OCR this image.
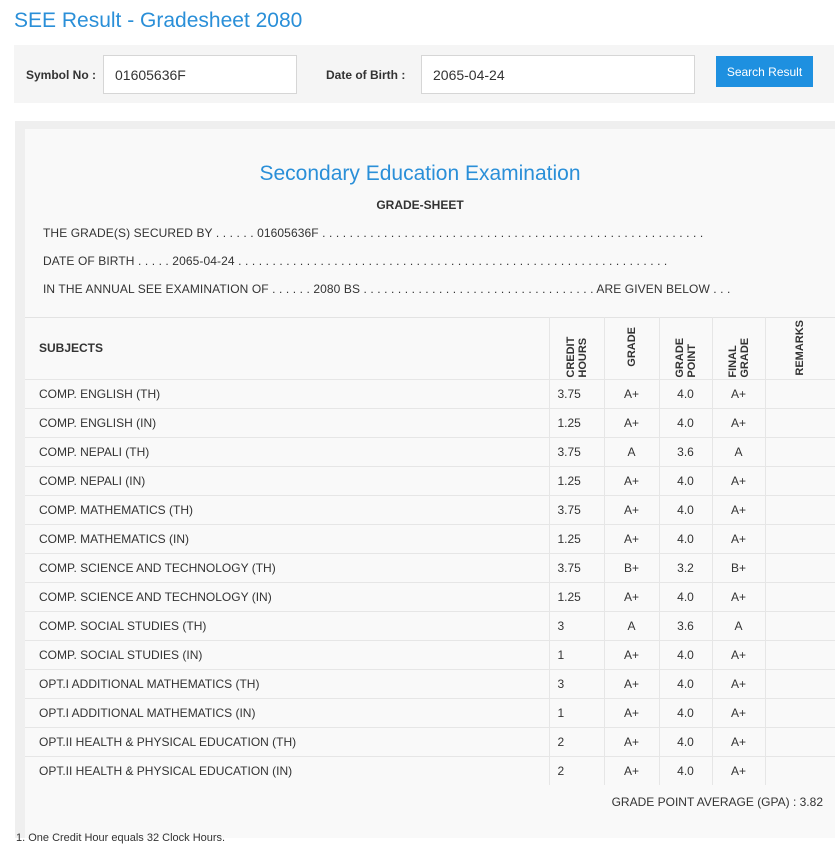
SEE Result - Gradesheet 2080
Symbol No :
01605636F	Date of Birth :
2065-04-24	Search Result
Secondary Education Examination
GRADE-SHEET
THE GRADE(S) SECURED BY . . . . . . 01605636F . . . . . . . . . . . . . . . . . . . . . . . . . . . . . . . . . . . . . . . . . . . . . . . . . . . . . . . .
DATE OF BIRTH . . . . . 2065-04-24 . . . . . . . . . . . . . . . . . . . . . . . . . . . . . . . . . . . . . . . . . . . . . . . . . . . . . . . . . . . . . . .
IN THE ANNUAL SEE EXAMINATION OF . . . . . . 2080 BS . . . . . . . . . . . . . . . . . . . . . . . . . . . . . . . . . . ARE GIVEN BELOW . . .
SUBJECTS	CREDIT HOURS	GRADE	GRADE POINT	FINAL GRADE	REMARKS
COMP. ENGLISH (TH)	3.75	A+	4.0	A+	
COMP. ENGLISH (IN)	1.25	A+	4.0	A+	
COMP. NEPALI (TH)	3.75	A	3.6	A	
COMP. NEPALI (IN)	1.25	A+	4.0	A+	
COMP. MATHEMATICS (TH)	3.75	A+	4.0	A+	
COMP. MATHEMATICS (IN)	1.25	A+	4.0	A+	
COMP. SCIENCE AND TECHNOLOGY (TH)	3.75	B+	3.2	B+	
COMP. SCIENCE AND TECHNOLOGY (IN)	1.25	A+	4.0	A+	
COMP. SOCIAL STUDIES (TH)	3	A	3.6	A	
COMP. SOCIAL STUDIES (IN)	1	A+	4.0	A+	
OPT.I ADDITIONAL MATHEMATICS (TH)	3	A+	4.0	A+	
OPT.I ADDITIONAL MATHEMATICS (IN)	1	A+	4.0	A+	
OPT.II HEALTH & PHYSICAL EDUCATION (TH)	2	A+	4.0	A+	
OPT.II HEALTH & PHYSICAL EDUCATION (IN)	2	A+	4.0	A+	
GRADE POINT AVERAGE (GPA) : 3.82
1. One Credit Hour equals 32 Clock Hours.
